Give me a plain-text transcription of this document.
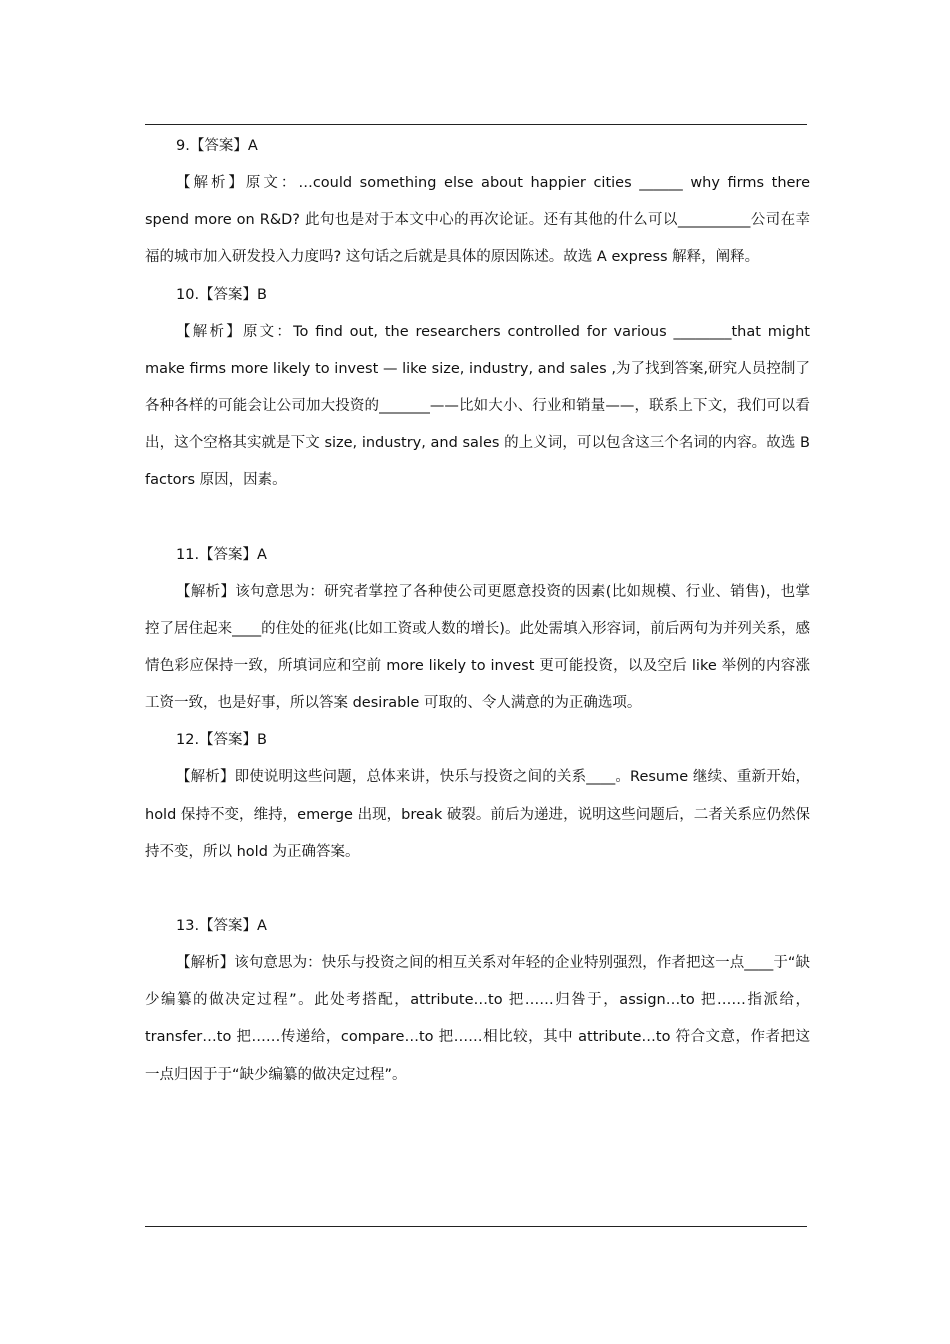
9.【答案】A

【解析】原文：…could something else about happier cities ______ why firms there spend more on R&D? 此句也是对于本文中心的再次论证。还有其他的什么可以__________公司在幸福的城市加入研发投入力度吗? 这句话之后就是具体的原因陈述。故选 A express 解释，阐释。

10.【答案】B

【解析】原文：To find out, the researchers controlled for various ________that might make firms more likely to invest — like size, industry, and sales ,为了找到答案,研究人员控制了各种各样的可能会让公司加大投资的_______——比如大小、行业和销量——，联系上下文，我们可以看出，这个空格其实就是下文 size, industry, and sales 的上义词，可以包含这三个名词的内容。故选 B factors 原因，因素。

11.【答案】A

【解析】该句意思为：研究者掌控了各种使公司更愿意投资的因素(比如规模、行业、销售)，也掌控了居住起来____的住处的征兆(比如工资或人数的增长)。此处需填入形容词，前后两句为并列关系，感情色彩应保持一致，所填词应和空前 more likely to invest 更可能投资，以及空后 like 举例的内容涨工资一致，也是好事，所以答案 desirable 可取的、令人满意的为正确选项。

12.【答案】B

【解析】即使说明这些问题，总体来讲，快乐与投资之间的关系____。Resume 继续、重新开始，hold 保持不变，维持，emerge 出现，break 破裂。前后为递进，说明这些问题后，二者关系应仍然保持不变，所以 hold 为正确答案。

13.【答案】A

【解析】该句意思为：快乐与投资之间的相互关系对年轻的企业特别强烈，作者把这一点____于“缺少编纂的做决定过程”。此处考搭配，attribute…to 把……归咎于，assign…to 把……指派给，transfer…to 把……传递给，compare…to 把……相比较，其中 attribute…to 符合文意，作者把这一点归因于于“缺少编纂的做决定过程”。
